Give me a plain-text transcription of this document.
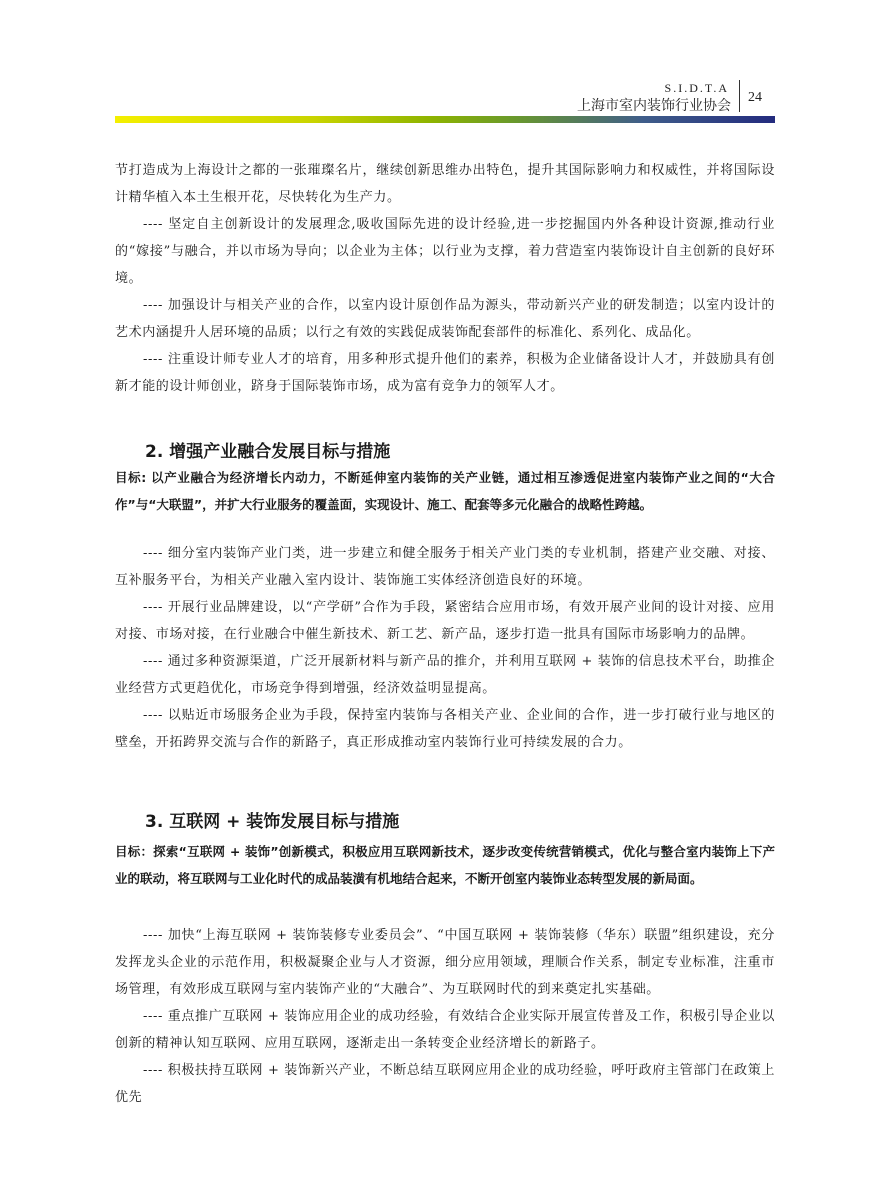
S.I.D.T.A
上海市室内装饰行业协会
24

节打造成为上海设计之都的一张璀璨名片，继续创新思维办出特色，提升其国际影响力和权威性，并将国际设计精华植入本土生根开花，尽快转化为生产力。

---- 坚定自主创新设计的发展理念,吸收国际先进的设计经验,进一步挖掘国内外各种设计资源,推动行业的“嫁接”与融合，并以市场为导向；以企业为主体；以行业为支撑，着力营造室内装饰设计自主创新的良好环境。

---- 加强设计与相关产业的合作，以室内设计原创作品为源头，带动新兴产业的研发制造；以室内设计的艺术内涵提升人居环境的品质；以行之有效的实践促成装饰配套部件的标准化、系列化、成品化。

---- 注重设计师专业人才的培育，用多种形式提升他们的素养，积极为企业储备设计人才，并鼓励具有创新才能的设计师创业，跻身于国际装饰市场，成为富有竞争力的领军人才。

2. 增强产业融合发展目标与措施
目标: 以产业融合为经济增长内动力，不断延伸室内装饰的关产业链，通过相互渗透促进室内装饰产业之间的“大合作”与“大联盟”，并扩大行业服务的覆盖面，实现设计、施工、配套等多元化融合的战略性跨越。

---- 细分室内装饰产业门类，进一步建立和健全服务于相关产业门类的专业机制，搭建产业交融、对接、互补服务平台，为相关产业融入室内设计、装饰施工实体经济创造良好的环境。

---- 开展行业品牌建设，以“产学研”合作为手段，紧密结合应用市场，有效开展产业间的设计对接、应用对接、市场对接，在行业融合中催生新技术、新工艺、新产品，逐步打造一批具有国际市场影响力的品牌。

---- 通过多种资源渠道，广泛开展新材料与新产品的推介，并利用互联网 + 装饰的信息技术平台，助推企业经营方式更趋优化，市场竞争得到增强，经济效益明显提高。

---- 以贴近市场服务企业为手段，保持室内装饰与各相关产业、企业间的合作，进一步打破行业与地区的壁垒，开拓跨界交流与合作的新路子，真正形成推动室内装饰行业可持续发展的合力。

3. 互联网 + 装饰发展目标与措施
目标：探索“互联网 + 装饰”创新模式，积极应用互联网新技术，逐步改变传统营销模式，优化与整合室内装饰上下产业的联动，将互联网与工业化时代的成品装潢有机地结合起来，不断开创室内装饰业态转型发展的新局面。

---- 加快“上海互联网 + 装饰装修专业委员会”、“中国互联网 + 装饰装修（华东）联盟”组织建设，充分发挥龙头企业的示范作用，积极凝聚企业与人才资源，细分应用领域，理顺合作关系，制定专业标准，注重市场管理，有效形成互联网与室内装饰产业的“大融合”、为互联网时代的到来奠定扎实基础。

---- 重点推广互联网 + 装饰应用企业的成功经验，有效结合企业实际开展宣传普及工作，积极引导企业以创新的精神认知互联网、应用互联网，逐渐走出一条转变企业经济增长的新路子。

---- 积极扶持互联网 + 装饰新兴产业，不断总结互联网应用企业的成功经验，呼吁政府主管部门在政策上优先
